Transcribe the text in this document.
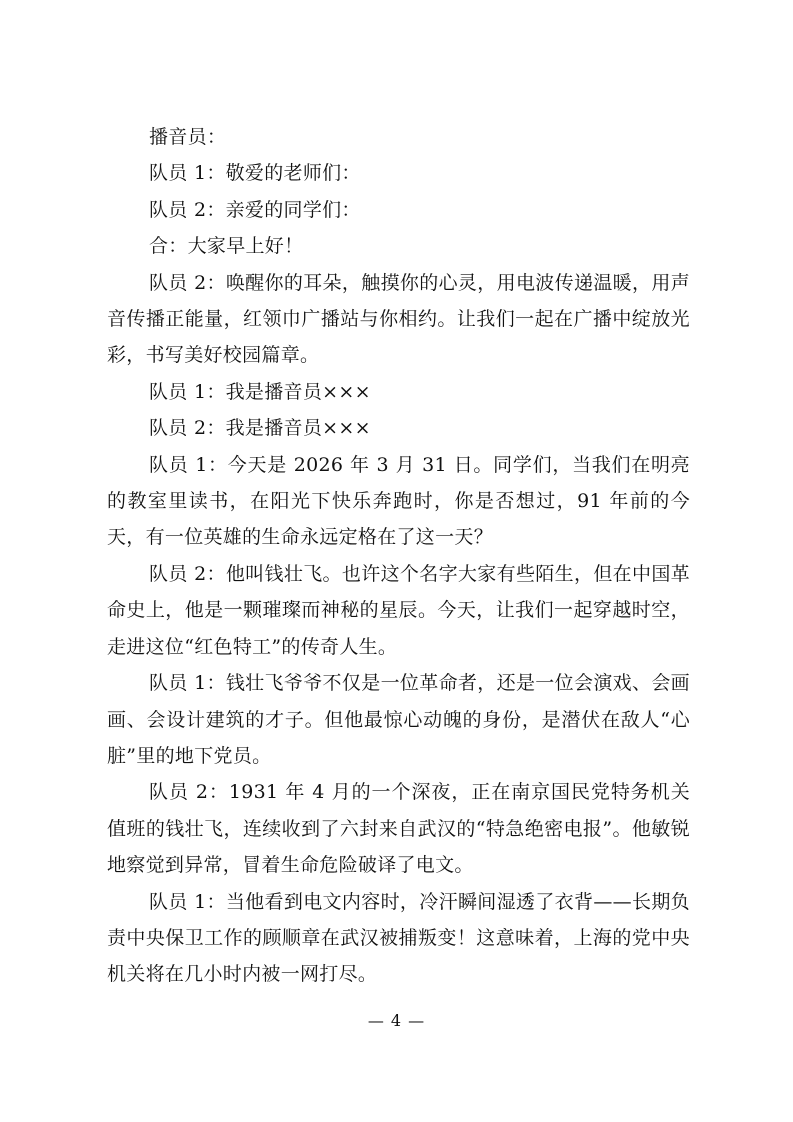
播音员：

队员 1：敬爱的老师们：

队员 2：亲爱的同学们：

合：大家早上好！

队员 2：唤醒你的耳朵，触摸你的心灵，用电波传递温暖，用声音传播正能量，红领巾广播站与你相约。让我们一起在广播中绽放光彩，书写美好校园篇章。

队员 1：我是播音员×××

队员 2：我是播音员×××

队员 1：今天是 2026 年 3 月 31 日。同学们，当我们在明亮的教室里读书，在阳光下快乐奔跑时，你是否想过，91 年前的今天，有一位英雄的生命永远定格在了这一天？

队员 2：他叫钱壮飞。也许这个名字大家有些陌生，但在中国革命史上，他是一颗璀璨而神秘的星辰。今天，让我们一起穿越时空，走进这位“红色特工”的传奇人生。

队员 1：钱壮飞爷爷不仅是一位革命者，还是一位会演戏、会画画、会设计建筑的才子。但他最惊心动魄的身份，是潜伏在敌人“心脏”里的地下党员。

队员 2：1931 年 4 月的一个深夜，正在南京国民党特务机关值班的钱壮飞，连续收到了六封来自武汉的“特急绝密电报”。他敏锐地察觉到异常，冒着生命危险破译了电文。

队员 1：当他看到电文内容时，冷汗瞬间湿透了衣背——长期负责中央保卫工作的顾顺章在武汉被捕叛变！这意味着，上海的党中央机关将在几小时内被一网打尽。

— 4 —
